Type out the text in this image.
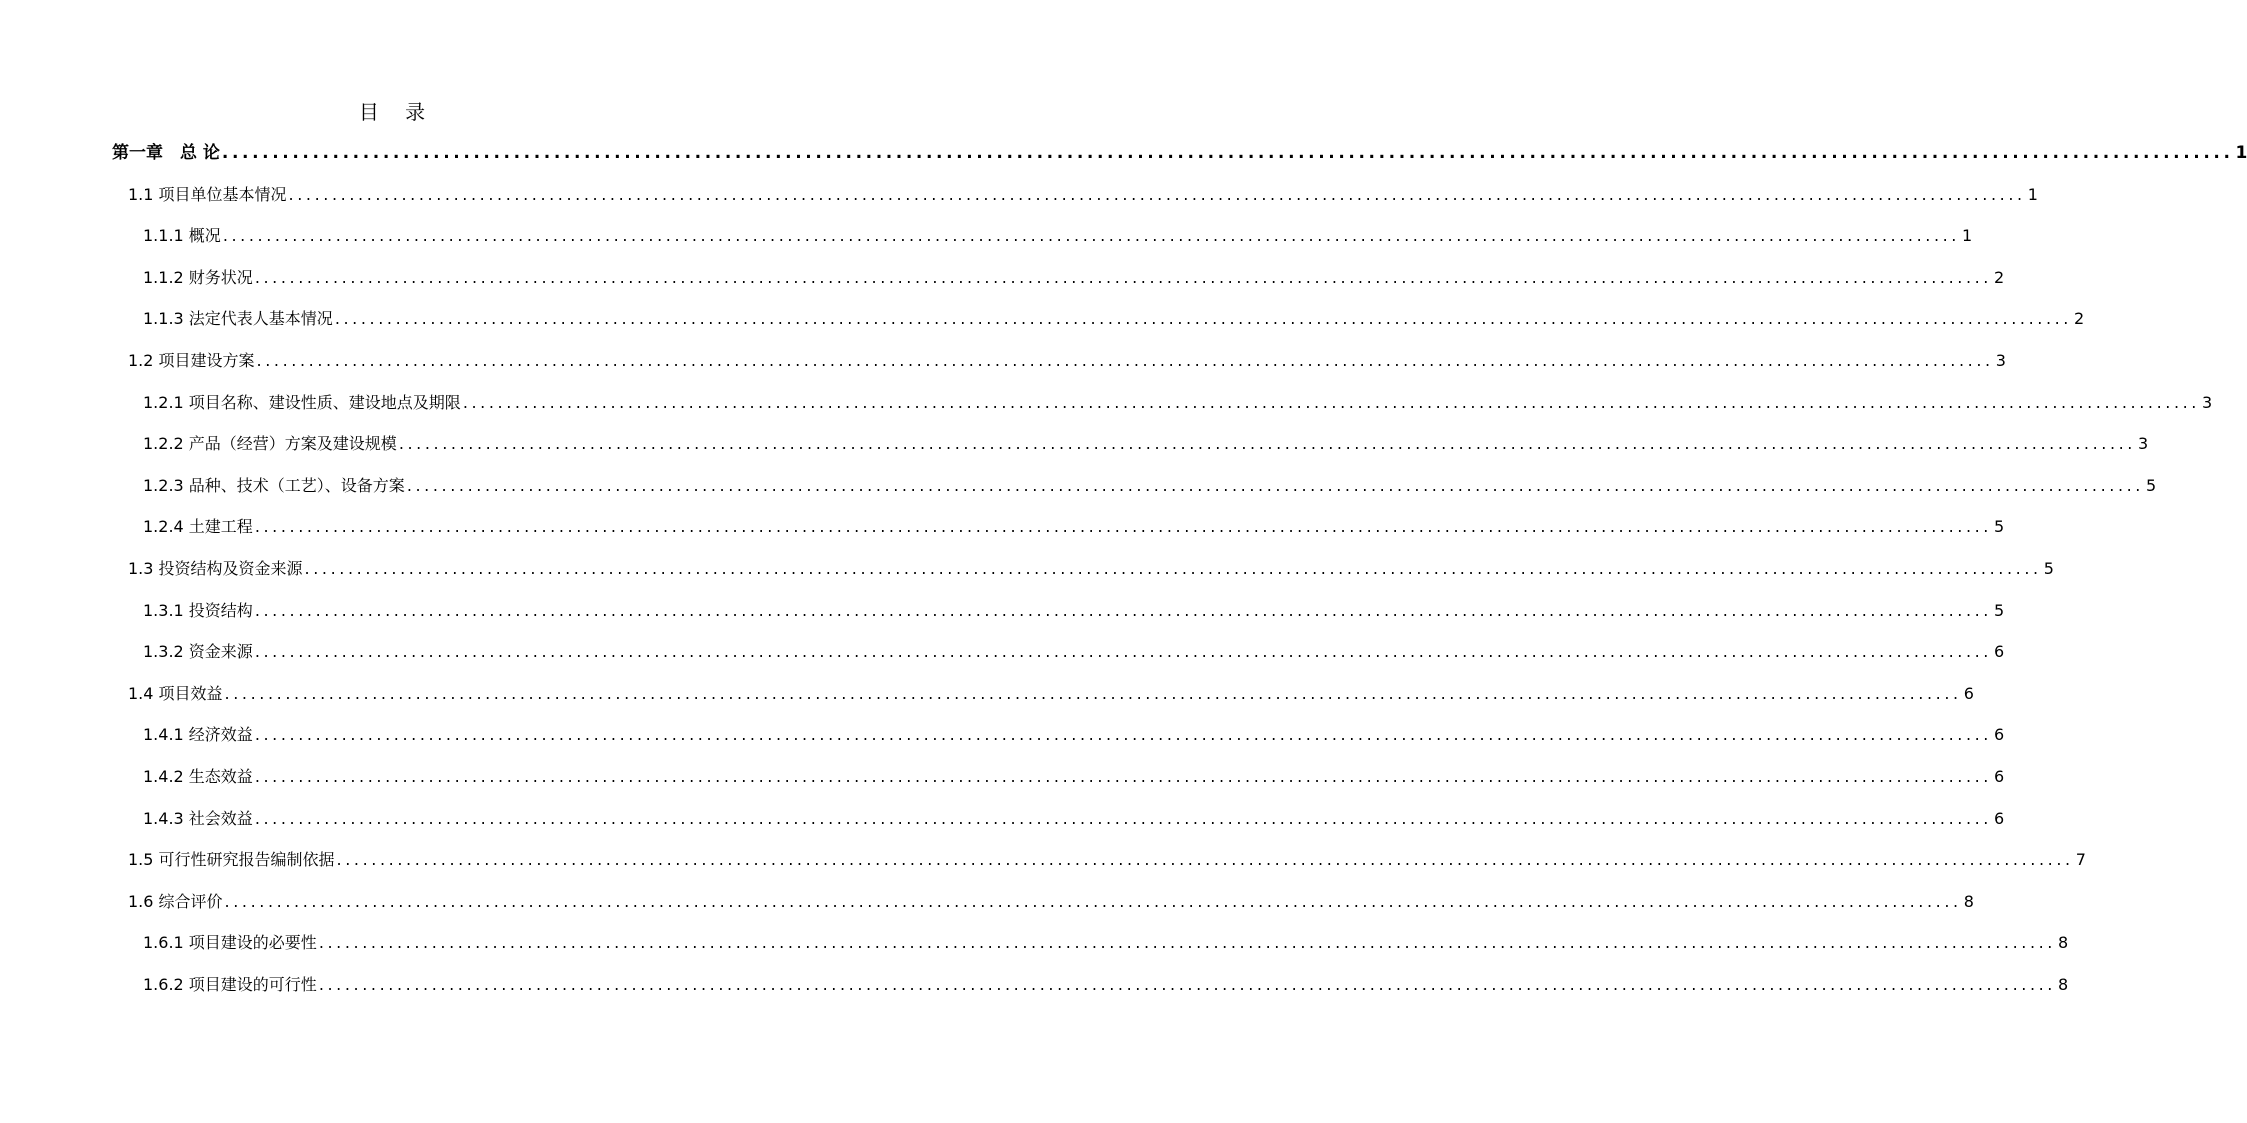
目 录
第一章　总 论 ........................................................................................................................................................................................................ 1
1.1 项目单位基本情况 ........................................................................................................................................................................................................ 1
1.1.1 概况 ........................................................................................................................................................................................................ 1
1.1.2 财务状况 ........................................................................................................................................................................................................ 2
1.1.3 法定代表人基本情况 ........................................................................................................................................................................................................ 2
1.2 项目建设方案 ........................................................................................................................................................................................................ 3
1.2.1 项目名称、建设性质、建设地点及期限 ........................................................................................................................................................................................................ 3
1.2.2 产品（经营）方案及建设规模 ........................................................................................................................................................................................................ 3
1.2.3 品种、技术（工艺）、设备方案 ........................................................................................................................................................................................................ 5
1.2.4 土建工程 ........................................................................................................................................................................................................ 5
1.3 投资结构及资金来源 ........................................................................................................................................................................................................ 5
1.3.1 投资结构 ........................................................................................................................................................................................................ 5
1.3.2 资金来源 ........................................................................................................................................................................................................ 6
1.4 项目效益 ........................................................................................................................................................................................................ 6
1.4.1 经济效益 ........................................................................................................................................................................................................ 6
1.4.2 生态效益 ........................................................................................................................................................................................................ 6
1.4.3 社会效益 ........................................................................................................................................................................................................ 6
1.5 可行性研究报告编制依据 ........................................................................................................................................................................................................ 7
1.6 综合评价 ........................................................................................................................................................................................................ 8
1.6.1 项目建设的必要性 ........................................................................................................................................................................................................ 8
1.6.2 项目建设的可行性 ........................................................................................................................................................................................................ 8
